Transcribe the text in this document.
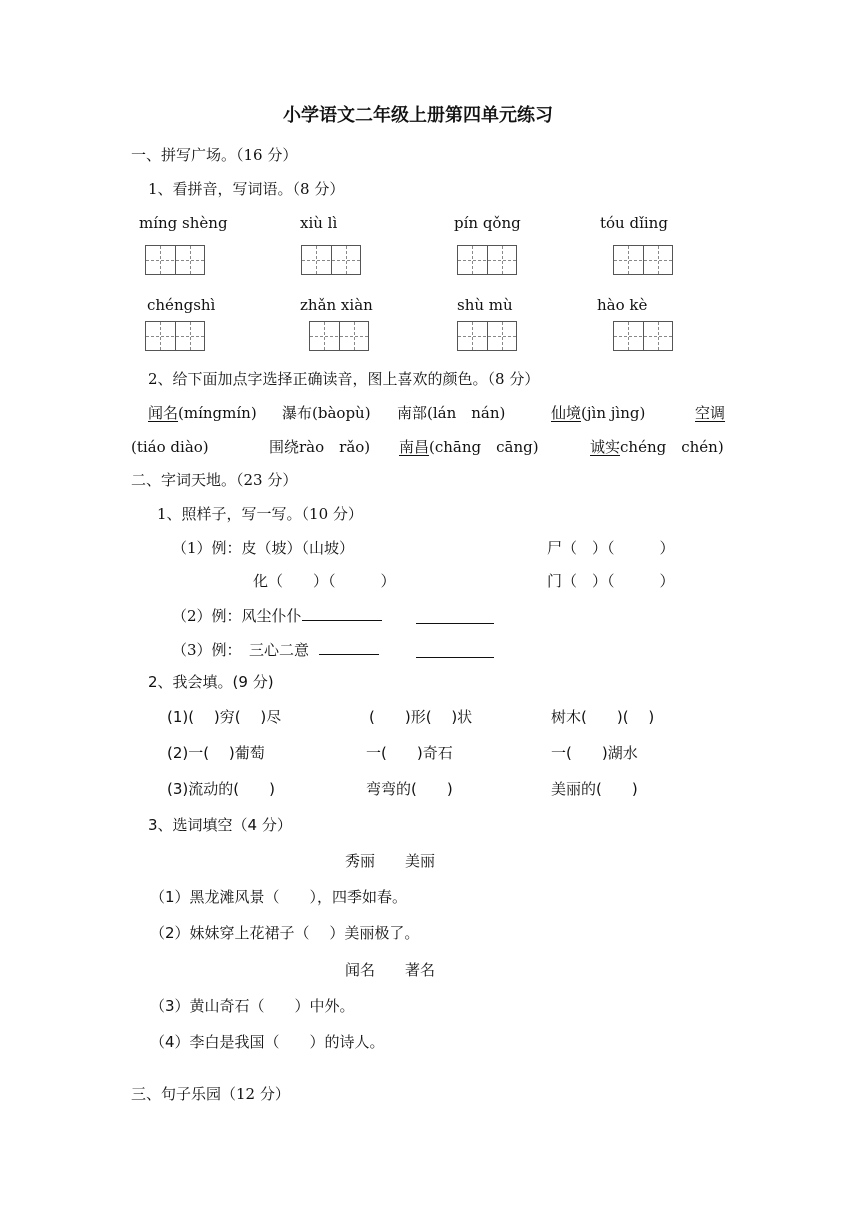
小学语文二年级上册第四单元练习
一、拼写广场。（16 分）
1、看拼音，写词语。（8 分）
míng shèng	xiù lì	pín qǒng	tóu dǐing
chéngshì	zhǎn xiàn	shù mù	hào kè
2、给下面加点字选择正确读音，图上喜欢的颜色。（8 分）
闻名(míngmín) 瀑布(bàopù) 南部(lán　nán)	仙境(jìn jìng)	空调
(tiáo diào)	围绕rào　rǎo) 南昌(chāng　cāng)	诚实chéng　chén)
二、字词天地。（23 分）
1、照样子，写一写。（10 分）
（1）例：皮（坡）（山坡）	尸（　）（　　　）
化（　　）（　　　）	门（　）（　　　）
（2）例：风尘仆仆
（3）例：　三心二意
2、我会填。(9 分)
(1)(　 )穷(　 )尽	(　　)形(　 )状	树木(　　)(　 )
(2)一(　 )葡萄	一(　　)奇石	一(　　)湖水
(3)流动的(　　)	弯弯的(　　)	美丽的(　　)
3、选词填空（4 分）
秀丽　　美丽
（1）黑龙滩风景（　　），四季如春。
（2）妹妹穿上花裙子（　 ）美丽极了。
闻名　　著名
（3）黄山奇石（　　）中外。
（4）李白是我国（　　）的诗人。
三、句子乐园（12 分）
